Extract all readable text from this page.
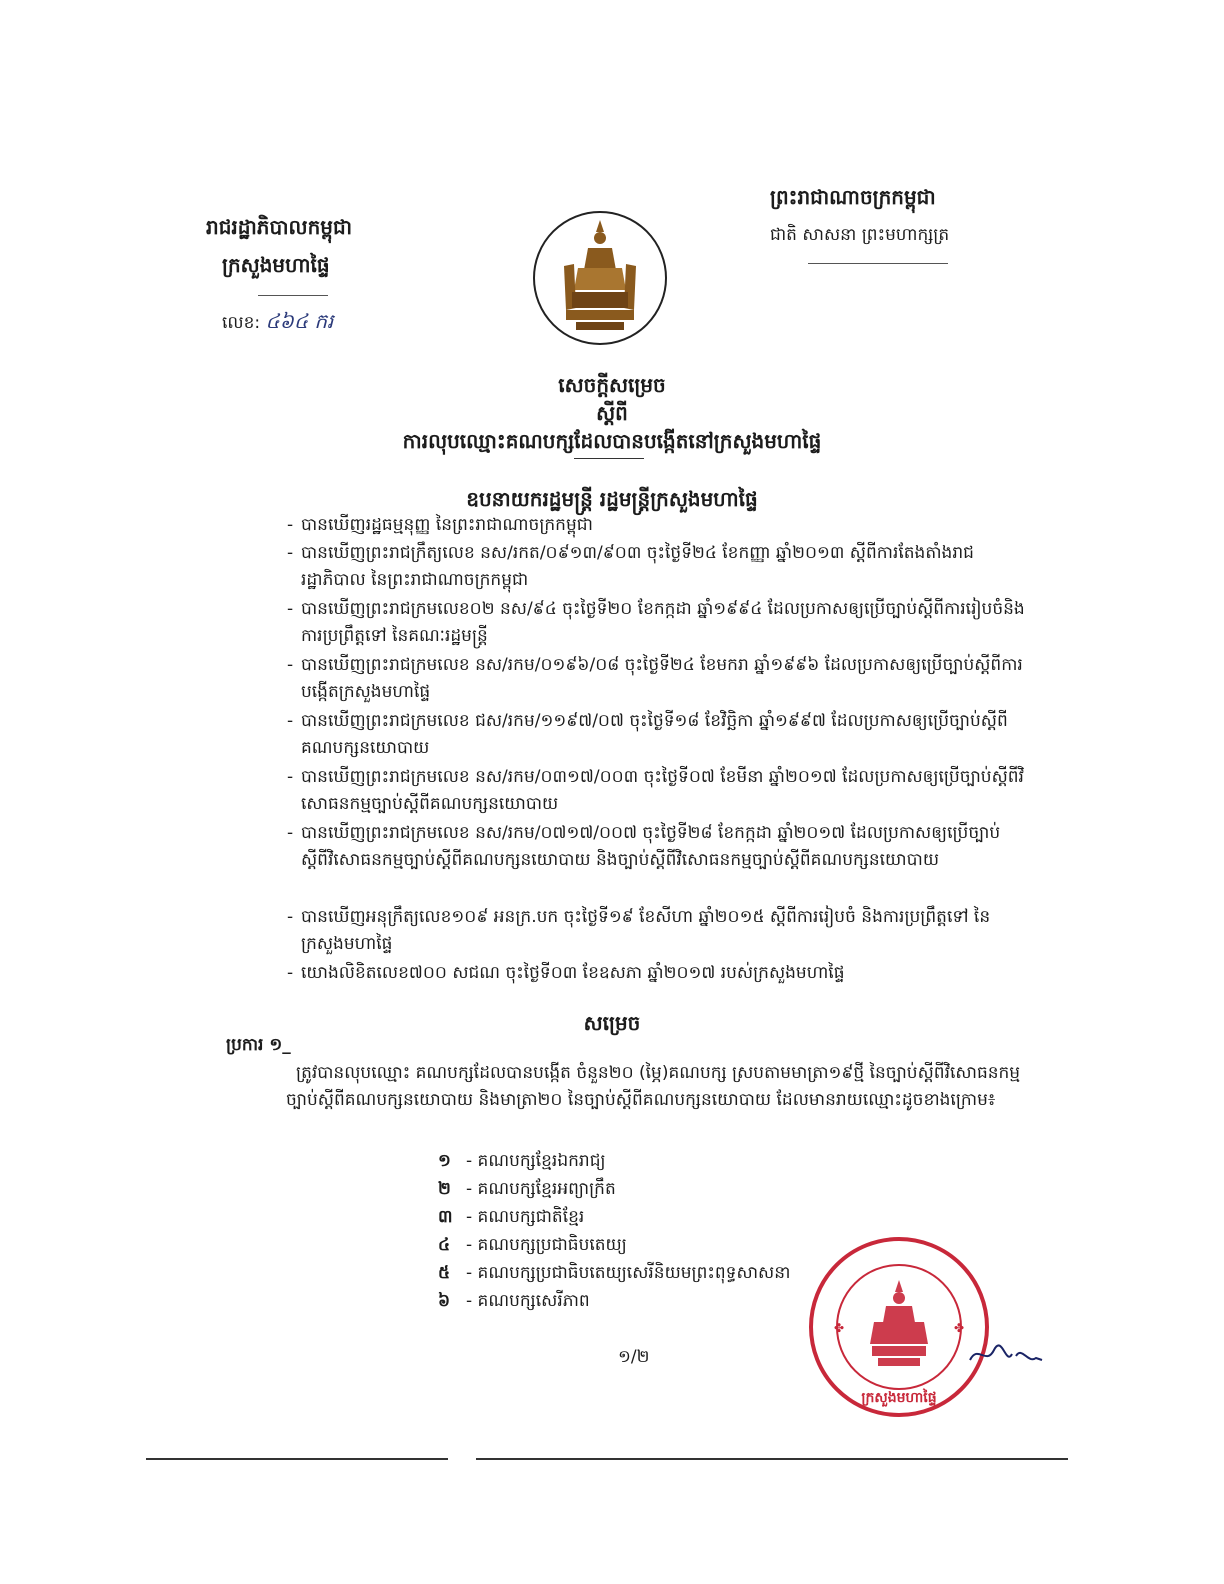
រាជរដ្ឋាភិបាលកម្ពុជា
ក្រសួងមហាផ្ទៃ
លេខ: ៤៦៤ ករ
ព្រះរាជាណាចក្រកម្ពុជា
ជាតិ សាសនា ព្រះមហាក្សត្រ
សេចក្តីសម្រេច
ស្តីពី
ការលុបឈ្មោះគណបក្សដែលបានបង្កើតនៅក្រសួងមហាផ្ទៃ
ឧបនាយករដ្ឋមន្ត្រី រដ្ឋមន្ត្រីក្រសួងមហាផ្ទៃ
- បានឃើញរដ្ឋធម្មនុញ្ញ នៃព្រះរាជាណាចក្រកម្ពុជា
- បានឃើញព្រះរាជក្រឹត្យលេខ នស/រកត/០៩១៣/៩០៣ ចុះថ្ងៃទី២៤ ខែកញ្ញា ឆ្នាំ២០១៣ ស្តីពីការតែងតាំងរាជរដ្ឋាភិបាល នៃព្រះរាជាណាចក្រកម្ពុជា
- បានឃើញព្រះរាជក្រមលេខ០២ នស/៩៤ ចុះថ្ងៃទី២០ ខែកក្កដា ឆ្នាំ១៩៩៤ ដែលប្រកាសឲ្យប្រើច្បាប់ស្តីពីការរៀបចំនិងការប្រព្រឹត្តទៅ នៃគណៈរដ្ឋមន្ត្រី
- បានឃើញព្រះរាជក្រមលេខ នស/រកម/០១៩៦/០៨ ចុះថ្ងៃទី២៤ ខែមករា ឆ្នាំ១៩៩៦ ដែលប្រកាសឲ្យប្រើច្បាប់ស្តីពីការបង្កើតក្រសួងមហាផ្ទៃ
- បានឃើញព្រះរាជក្រមលេខ ជស/រកម/១១៩៧/០៧ ចុះថ្ងៃទី១៨ ខែវិច្ឆិកា ឆ្នាំ១៩៩៧ ដែលប្រកាសឲ្យប្រើច្បាប់ស្តីពីគណបក្សនយោបាយ
- បានឃើញព្រះរាជក្រមលេខ នស/រកម/០៣១៧/០០៣ ចុះថ្ងៃទី០៧ ខែមីនា ឆ្នាំ២០១៧ ដែលប្រកាសឲ្យប្រើច្បាប់ស្តីពីវិសោធនកម្មច្បាប់ស្តីពីគណបក្សនយោបាយ
- បានឃើញព្រះរាជក្រមលេខ នស/រកម/០៧១៧/០០៧ ចុះថ្ងៃទី២៨ ខែកក្កដា ឆ្នាំ២០១៧ ដែលប្រកាសឲ្យប្រើច្បាប់ស្តីពីវិសោធនកម្មច្បាប់ស្តីពីគណបក្សនយោបាយ និងច្បាប់ស្តីពីវិសោធនកម្មច្បាប់ស្តីពីគណបក្សនយោបាយ
- បានឃើញអនុក្រឹត្យលេខ១០៩ អនក្រ.បក ចុះថ្ងៃទី១៩ ខែសីហា ឆ្នាំ២០១៥ ស្តីពីការរៀបចំ និងការប្រព្រឹត្តទៅ នៃក្រសួងមហាផ្ទៃ
- យោងលិខិតលេខ៧០០ សជណ ចុះថ្ងៃទី០៣ ខែឧសភា ឆ្នាំ២០១៧ របស់ក្រសួងមហាផ្ទៃ
សម្រេច
ប្រការ ១_
ត្រូវបានលុបឈ្មោះ គណបក្សដែលបានបង្កើត ចំនួន២០ (ម្ភៃ)គណបក្ស ស្របតាមមាត្រា១៩ថ្មី នៃច្បាប់ស្តីពីវិសោធនកម្មច្បាប់ស្តីពីគណបក្សនយោបាយ និងមាត្រា២០ នៃច្បាប់ស្តីពីគណបក្សនយោបាយ ដែលមានរាយឈ្មោះដូចខាងក្រោម៖
១ - គណបក្សខ្មែរឯករាជ្យ
២ - គណបក្សខ្មែរអព្យាក្រឹត
៣ - គណបក្សជាតិខ្មែរ
៤ - គណបក្សប្រជាធិបតេយ្យ
៥ - គណបក្សប្រជាធិបតេយ្យសេរីនិយមព្រះពុទ្ធសាសនា
៦ - គណបក្សសេរីភាព
១/២
ក្រសួងមហាផ្ទៃ
✤	✤
